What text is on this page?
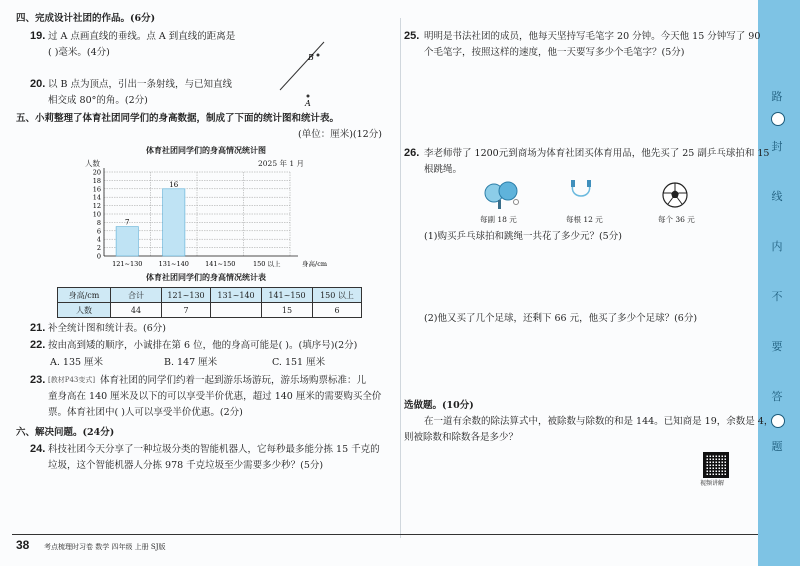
路
封
线
内
不
要
答
题
四、完成设计社团的作品。(6分)
19. 过 A 点画直线的垂线。点 A 到直线的距离是
( )毫米。(4分)
20. 以 B 点为顶点，引出一条射线，与已知直线
相交成 80°的角。(2分)
B
A
五、小莉整理了体育社团同学们的身高数据，制成了下面的统计图和统计表。
(单位：厘米)(12分)
体育社团同学们的身高情况统计图
人数	2025 年 1 月
0
2
4
6
8
10
12
14
16
18
20
121~130
7
131~140
16
141~150	150 以上	身高/cm
体育社团同学们的身高情况统计表
身高/cm	合计	121~130	131~140	141~150	150 以上
人数	44	7		15	6
21. 补全统计图和统计表。(6分)
22. 按由高到矮的顺序，小诚排在第 6 位，他的身高可能是( )。(填序号)(2分)
A. 135 厘米	B. 147 厘米	C. 151 厘米
23. [教材P43变式] 体育社团的同学们约着一起到游乐场游玩，游乐场购票标准：儿
童身高在 140 厘米及以下的可以享受半价优惠，超过 140 厘米的需要购买全价
票。体育社团中( )人可以享受半价优惠。(2分)
六、解决问题。(24分)
24. 科技社团今天分享了一种垃圾分类的智能机器人，它每秒最多能分拣 15 千克的
垃圾，这个智能机器人分拣 978 千克垃圾至少需要多少秒？(5分)
25. 明明是书法社团的成员，他每天坚持写毛笔字 20 分钟。今天他 15 分钟写了 90
个毛笔字，按照这样的速度，他一天要写多少个毛笔字？(5分)
26. 李老师带了 1200元到商场为体育社团买体育用品，他先买了 25 副乒乓球拍和 15
根跳绳。
每副 18 元	每根 12 元	每个 36 元
(1)购买乒乓球拍和跳绳一共花了多少元？(5分)
(2)他又买了几个足球，还剩下 66 元，他买了多少个足球？(6分)
选做题。(10分)
在一道有余数的除法算式中，被除数与除数的和是 144。已知商是 19，余数是 4，
则被除数和除数各是多少？
视频讲解
38 考点梳理时习卷 数学 四年级 上册 SJ版
